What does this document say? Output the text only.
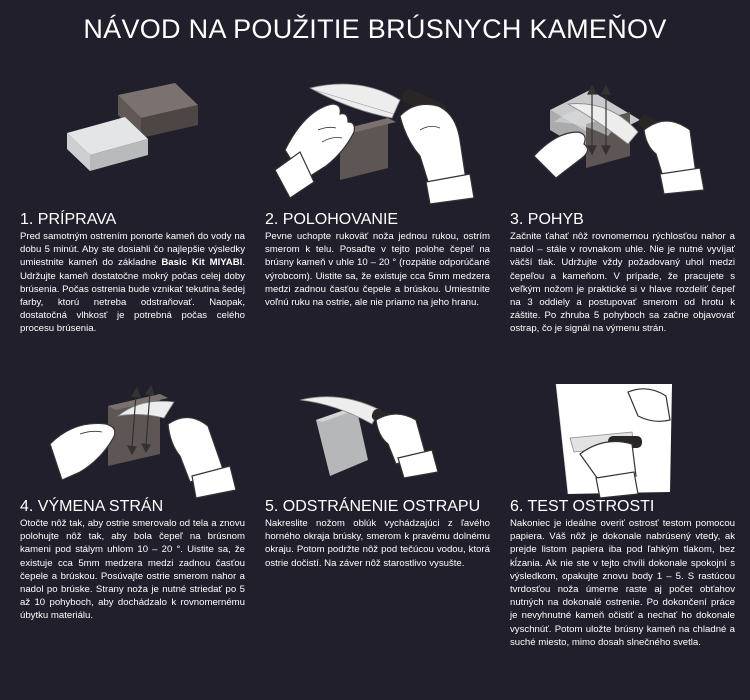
NÁVOD NA POUŽITIE BRÚSNYCH KAMEŇOV
1. PRÍPRAVA

Pred samotným ostrením ponorte kameň do vody na dobu 5 minút. Aby ste dosiahli čo najlepšie výsledky umiestnite kameň do základne Basic Kit MIYABI. Udržujte kameň dostatočne mokrý počas celej doby brúsenia. Počas ostrenia bude vznikať tekutina šedej farby, ktorú netreba odstraňovať. Naopak, dostatočná vlhkosť je potrebná počas celého procesu brúsenia.

2. POLOHOVANIE

Pevne uchopte rukoväť noža jednou rukou, ostrím smerom k telu. Posaďte v tejto polohe čepeľ na brúsny kameň v uhle 10 – 20 ° (rozpätie odporúčané výrobcom). Uistite sa, že existuje cca 5mm medzera medzi zadnou časťou čepele a brúskou. Umiestnite voľnú ruku na ostrie, ale nie priamo na jeho hranu.

3. POHYB

Začnite ťahať nôž rovnomernou rýchlosťou nahor a nadol – stále v rovnakom uhle. Nie je nutné vyvíjať väčší tlak. Udržujte vždy požadovaný uhol medzi čepeľou a kameňom. V prípade, že pracujete s veľkým nožom je praktické si v hlave rozdeliť čepeľ na 3 oddiely a postupovať smerom od hrotu k záštite. Po zhruba 5 pohyboch sa začne objavovať ostrap, čo je signál na výmenu strán.

4. VÝMENA STRÁN

Otočte nôž tak, aby ostrie smerovalo od tela a znovu polohujte nôž tak, aby bola čepeľ na brúsnom kameni pod stálym uhlom 10 – 20 °. Uistite sa, že existuje cca 5mm medzera medzi zadnou časťou čepele a brúskou. Posúvajte ostrie smerom nahor a nadol po brúske. Strany noža je nutné striedať po 5 až 10 pohyboch, aby dochádzalo k rovnomernému úbytku materiálu.

5. ODSTRÁNENIE OSTRAPU

Nakreslite nožom oblúk vychádzajúci z ľavého horného okraja brúsky, smerom k pravému dolnému okraju. Potom podržte nôž pod tečúcou vodou, ktorá ostrie dočistí. Na záver nôž starostlivo vysušte.

6. TEST OSTROSTI

Nakoniec je ideálne overiť ostrosť testom pomocou papiera. Váš nôž je dokonale nabrúsený vtedy, ak prejde listom papiera iba pod ľahkým tlakom, bez kĺzania. Ak nie ste v tejto chvíli dokonale spokojní s výsledkom, opakujte znovu body 1 – 5. S rastúcou tvrdosťou noža úmerne raste aj počet obťahov nutných na dokonalé ostrenie. Po dokončení práce je nevyhnutné kameň očistiť a nechať ho dokonale vyschnúť. Potom uložte brúsny kameň na chladné a suché miesto, mimo dosah slnečného svetla.
